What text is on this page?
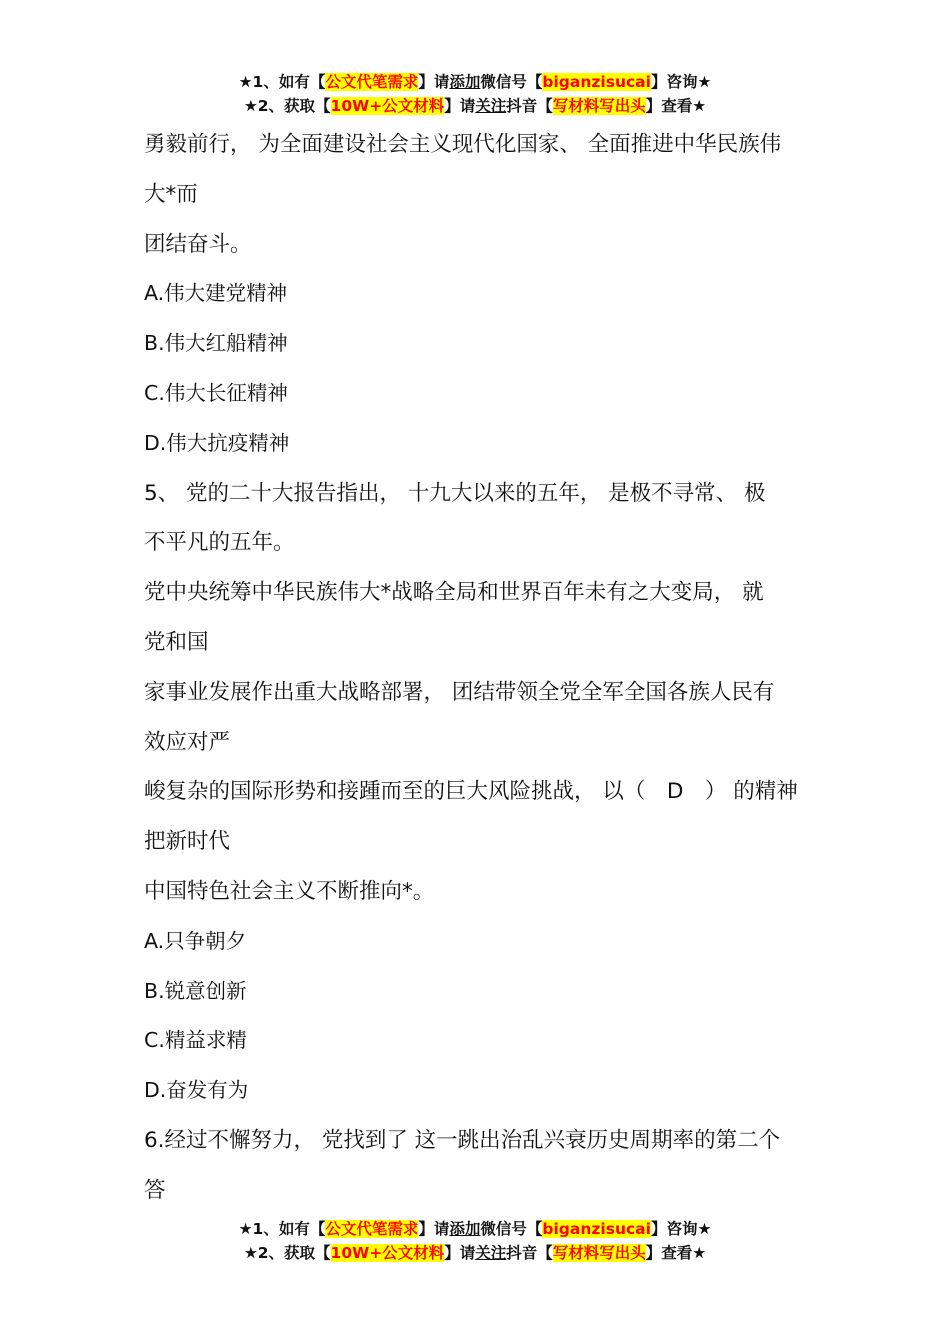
★1、如有【公文代笔需求】请添加微信号【biganzisucai】咨询★
★2、获取【10W+公文材料】请关注抖音【写材料写出头】查看★
勇毅前行， 为全面建设社会主义现代化国家、 全面推进中华民族伟
大*而
团结奋斗。
A.伟大建党精神
B.伟大红船精神
C.伟大长征精神
D.伟大抗疫精神
5、 党的二十大报告指出， 十九大以来的五年， 是极不寻常、 极
不平凡的五年。
党中央统筹中华民族伟大*战略全局和世界百年未有之大变局， 就
党和国
家事业发展作出重大战略部署， 团结带领全党全军全国各族人民有
效应对严
峻复杂的国际形势和接踵而至的巨大风险挑战， 以（　D　） 的精神
把新时代
中国特色社会主义不断推向*。
A.只争朝夕
B.锐意创新
C.精益求精
D.奋发有为
6.经过不懈努力， 党找到了 这一跳出治乱兴衰历史周期率的第二个
答
★1、如有【公文代笔需求】请添加微信号【biganzisucai】咨询★
★2、获取【10W+公文材料】请关注抖音【写材料写出头】查看★
